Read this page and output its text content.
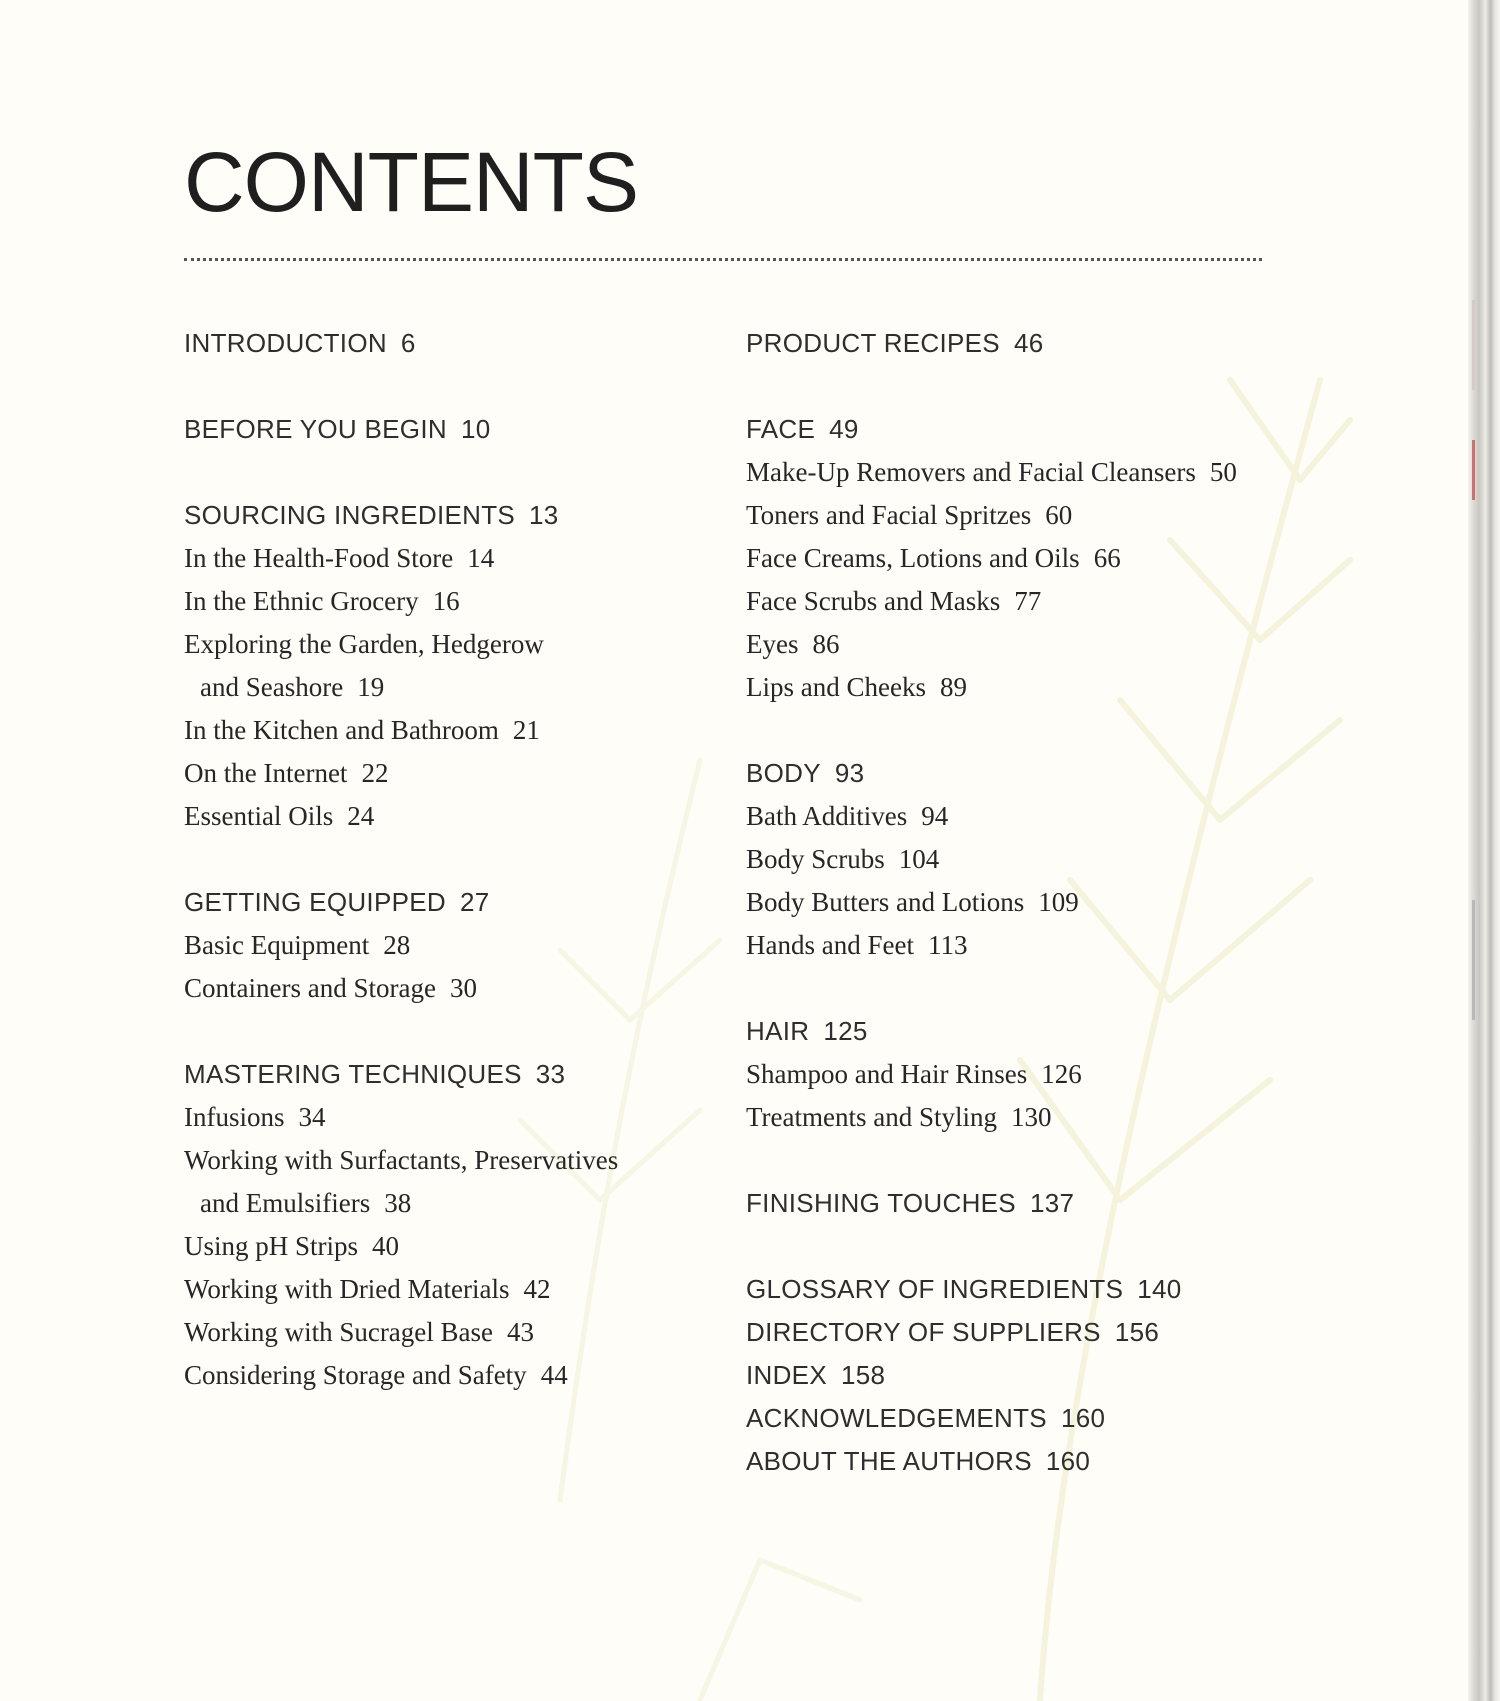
CONTENTS
INTRODUCTION 6
BEFORE YOU BEGIN 10
SOURCING INGREDIENTS 13
In the Health-Food Store 14
In the Ethnic Grocery 16
Exploring the Garden, Hedgerow
and Seashore 19
In the Kitchen and Bathroom 21
On the Internet 22
Essential Oils 24
GETTING EQUIPPED 27
Basic Equipment 28
Containers and Storage 30
MASTERING TECHNIQUES 33
Infusions 34
Working with Surfactants, Preservatives
and Emulsifiers 38
Using pH Strips 40
Working with Dried Materials 42
Working with Sucragel Base 43
Considering Storage and Safety 44
PRODUCT RECIPES 46
FACE 49
Make-Up Removers and Facial Cleansers 50
Toners and Facial Spritzes 60
Face Creams, Lotions and Oils 66
Face Scrubs and Masks 77
Eyes 86
Lips and Cheeks 89
BODY 93
Bath Additives 94
Body Scrubs 104
Body Butters and Lotions 109
Hands and Feet 113
HAIR 125
Shampoo and Hair Rinses 126
Treatments and Styling 130
FINISHING TOUCHES 137
GLOSSARY OF INGREDIENTS 140
DIRECTORY OF SUPPLIERS 156
INDEX 158
ACKNOWLEDGEMENTS 160
ABOUT THE AUTHORS 160
